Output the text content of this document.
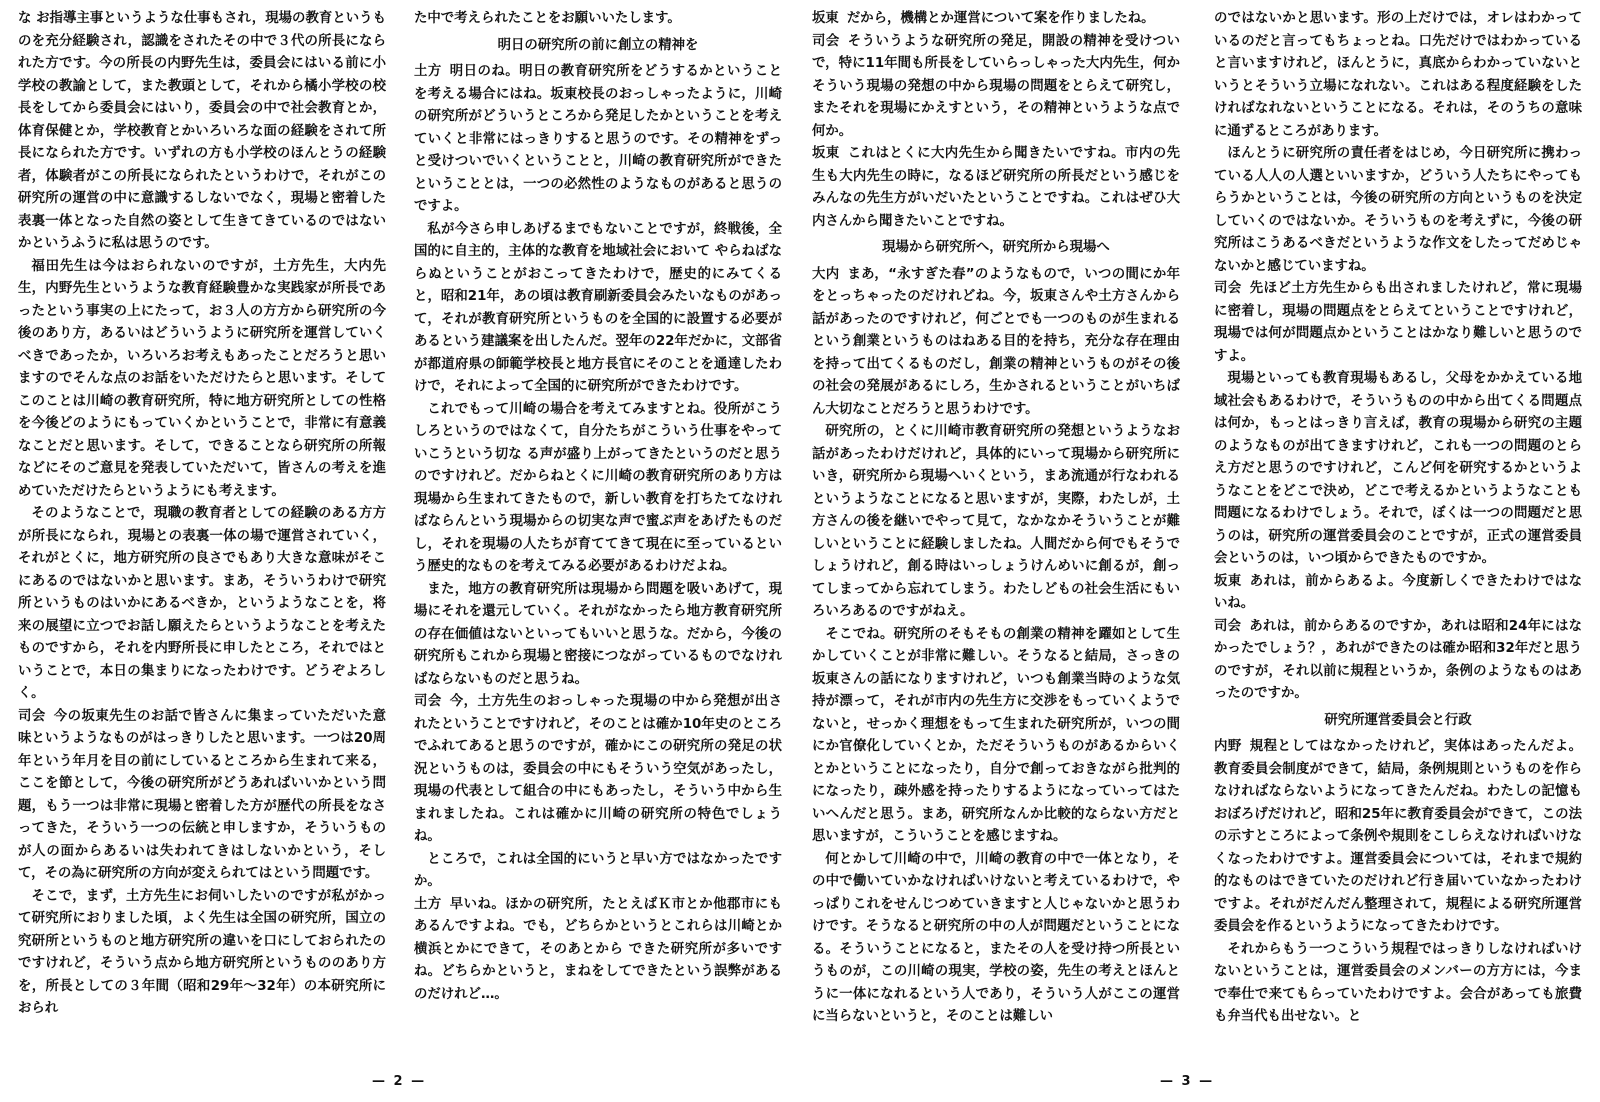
な お指導主事というような仕事もされ，現場の教育というものを充分経験され，認識をされたその中で３代の所長になられた方です。今の所長の内野先生は，委員会にはいる前に小学校の教諭として，また教頭として，それから橘小学校の校長をしてから委員会にはいり，委員会の中で社会教育とか，体育保健とか，学校教育とかいろいろな面の経験をされて所長になられた方です。いずれの方も小学校のほんとうの経験者，体験者がこの所長になられたというわけで，それがこの研究所の運営の中に意識するしないでなく，現場と密着した表裏一体となった自然の姿として生きてきているのではないかというふうに私は思うのです。

福田先生は今はおられないのですが，土方先生，大内先生，内野先生というような教育経験豊かな実践家が所長であったという事実の上にたって，お３人の方方から研究所の今後のあり方，あるいはどういうように研究所を運営していくべきであったか，いろいろお考えもあったことだろうと思いますのでそんな点のお話をいただけたらと思います。そしてこのことは川崎の教育研究所，特に地方研究所としての性格を今後どのようにもっていくかということで，非常に有意義なことだと思います。そして，できることなら研究所の所報などにそのご意見を発表していただいて，皆さんの考えを進めていただけたらというようにも考えます。

そのようなことで，現職の教育者としての経験のある方方が所長になられ，現場との表裏一体の場で運営されていく，それがとくに，地方研究所の良さでもあり大きな意味がそこにあるのではないかと思います。まあ，そういうわけで研究所というものはいかにあるべきか，というようなことを，将来の展望に立つでお話し願えたらというようなことを考えたものですから，それを内野所長に申したところ，それではということで，本日の集まりになったわけです。どうぞよろしく。

司会 今の坂東先生のお話で皆さんに集まっていただいた意味というようなものがはっきりしたと思います。一つは20周年という年月を目の前にしているところから生まれて来る，ここを節として，今後の研究所がどうあればいいかという問題，もう一つは非常に現場と密着した方が歴代の所長をなさってきた，そういう一つの伝統と申しますか，そういうものが人の面からあるいは失われてきはしないかという，そして，その為に研究所の方向が変えられてはという問題です。

そこで，まず，土方先生にお伺いしたいのですが私がかって研究所におりました頃，よく先生は全国の研究所，国立の究研所というものと地方研究所の違いを口にしておられたのですけれど，そういう点から地方研究所というもののあり方を，所長としての３年間（昭和29年〜32年）の本研究所におられ

た中で考えられたことをお願いいたします。

明日の研究所の前に創立の精神を

土方 明日のね。明日の教育研究所をどうするかということを考える場合にはね。坂東校長のおっしゃったように，川崎の研究所がどういうところから発足したかということを考えていくと非常にはっきりすると思うのです。その精神をずっと受けついでいくということと，川崎の教育研究所ができたということとは，一つの必然性のようなものがあると思うのですよ。

私が今さら申しあげるまでもないことですが，終戦後，全国的に自主的，主体的な教育を地域社会において やらねばならぬということがおこってきたわけで，歴史的にみてくると，昭和21年，あの頃は教育刷新委員会みたいなものがあって，それが教育研究所というものを全国的に設置する必要があるという建議案を出したんだ。翌年の22年だかに，文部省が都道府県の師範学校長と地方長官にそのことを通達したわけで，それによって全国的に研究所ができたわけです。

これでもって川崎の場合を考えてみますとね。役所がこうしろというのではなくて，自分たちがこういう仕事をやっていこうという切な る声が盛り上がってきたというのだと思うのですけれど。だからねとくに川崎の教育研究所のあり方は現場から生まれてきたもので，新しい教育を打ちたてなければならんという現場からの切実な声で蜜ぶ声をあげたものだし，それを現場の人たちが育ててきて現在に至っているという歴史的なものを考えてみる必要があるわけだよね。

また，地方の教育研究所は現場から問題を吸いあげて，現場にそれを還元していく。それがなかったら地方教育研究所の存在価値はないといってもいいと思うな。だから，今後の研究所もこれから現場と密接につながっているものでなければならないものだと思うね。

司会 今，土方先生のおっしゃった現場の中から発想が出されたということですけれど，そのことは確か10年史のところでふれてあると思うのですが，確かにこの研究所の発足の状況というものは，委員会の中にもそういう空気があったし，現場の代表として組合の中にもあったし，そういう中から生まれましたね。これは確かに川崎の研究所の特色でしょうね。

ところで，これは全国的にいうと早い方ではなかったですか。

土方 早いね。ほかの研究所，たとえばＫ市とか他郡市にもあるんですよね。でも，どちらかというとこれらは川崎とか横浜とかにできて，そのあとから できた研究所が多いですね。どちらかというと，まねをしてできたという誤弊があるのだけれど…。

— 2 —

坂東 だから，機構とか運営について案を作りましたね。

司会 そういうような研究所の発足，開設の精神を受けついで，特に11年間も所長をしていらっしゃった大内先生，何かそういう現場の発想の中から現場の問題をとらえて研究し，またそれを現場にかえすという，その精神というような点で何か。

坂東 これはとくに大内先生から聞きたいですね。市内の先生も大内先生の時に，なるほど研究所の所長だという感じをみんなの先生方がいだいたということですね。これはぜひ大内さんから聞きたいことですね。

現場から研究所へ，研究所から現場へ

大内 まあ，“永すぎた春”のようなもので，いつの間にか年をとっちゃったのだけれどね。今，坂東さんや土方さんから話があったのですけれど，何ごとでも一つのものが生まれるという創業というものはねある目的を持ち，充分な存在理由を持って出てくるものだし，創業の精神というものがその後の社会の発展があるにしろ，生かされるということがいちばん大切なことだろうと思うわけです。

研究所の，とくに川崎市教育研究所の発想というようなお話があったわけだけれど，具体的にいって現場から研究所にいき，研究所から現場へいくという，まあ流通が行なわれるというようなことになると思いますが，実際，わたしが，土方さんの後を継いでやって見て，なかなかそういうことが難しいということに経験しましたね。人間だから何でもそうでしょうけれど，創る時はいっしょうけんめいに創るが，創ってしまってから忘れてしまう。わたしどもの社会生活にもいろいろあるのですがねえ。

そこでね。研究所のそもそもの創業の精神を躍如として生かしていくことが非常に難しい。そうなると結局，さっきの坂東さんの話になりますけれど，いつも創業当時のような気持が漂って，それが市内の先生方に交渉をもっていくようでないと，せっかく理想をもって生まれた研究所が，いつの間にか官僚化していくとか，ただそういうものがあるからいくとかということになったり，自分で創っておきながら批判的になったり，疎外感を持ったりするようになっていってはたいへんだと思う。まあ，研究所なんか比較的ならない方だと思いますが，こういうことを感じますね。

何とかして川崎の中で，川崎の教育の中で一体となり，その中で働いていかなければいけないと考えているわけで，やっぱりこれをせんじつめていきますと人じゃないかと思うわけです。そうなると研究所の中の人が問題だということになる。そういうことになると，またその人を受け持つ所長というものが，この川崎の現実，学校の姿，先生の考えとほんとうに一体になれるという人であり，そういう人がここの運営に当らないというと，そのことは難しい

のではないかと思います。形の上だけでは，オレはわかっているのだと言ってもちょっとね。口先だけではわかっていると言いますけれど，ほんとうに，真底からわかっていないというとそういう立場になれない。これはある程度経験をしたければなれないということになる。それは，そのうちの意味に通ずるところがあります。

ほんとうに研究所の責任者をはじめ，今日研究所に携わっている人人の人選といいますか，どういう人たちにやってもらうかということは，今後の研究所の方向というものを決定していくのではないか。そういうものを考えずに，今後の研究所はこうあるべきだというような作文をしたってだめじゃないかと感じていますね。

司会 先ほど土方先生からも出されましたけれど，常に現場に密着し，現場の問題点をとらえてということですけれど，現場では何が問題点かということはかなり難しいと思うのですよ。

現場といっても教育現場もあるし，父母をかかえている地域社会もあるわけで，そういうものの中から出てくる問題点は何か，もっとはっきり言えば，教育の現場から研究の主題のようなものが出てきますけれど，これも一つの問題のとらえ方だと思うのですけれど，こんど何を研究するかというようなことをどこで決め，どこで考えるかというようなことも問題になるわけでしょう。それで，ぼくは一つの問題だと思うのは，研究所の運営委員会のことですが，正式の運営委員会というのは，いつ頃からできたものですか。

坂東 あれは，前からあるよ。今度新しくできたわけではないね。

司会 あれは，前からあるのですか，あれは昭和24年にはなかったでしょう？，あれができたのは確か昭和32年だと思うのですが，それ以前に規程というか，条例のようなものはあったのですか。

研究所運営委員会と行政

内野 規程としてはなかったけれど，実体はあったんだよ。教育委員会制度ができて，結局，条例規則というものを作らなければならないようになってきたんだね。わたしの記憶もおぼろげだけれど，昭和25年に教育委員会ができて，この法の示すところによって条例や規則をこしらえなければいけなくなったわけですよ。運営委員会については，それまで規約的なものはできていたのだけれど行き届いていなかったわけですよ。それがだんだん整理されて，規程による研究所運営委員会を作るというようになってきたわけです。

それからもう一つこういう規程ではっきりしなければいけないということは，運営委員会のメンバーの方方には，今まで奉仕で来てもらっていたわけですよ。会合があっても旅費も弁当代も出せない。と

— 3 —
